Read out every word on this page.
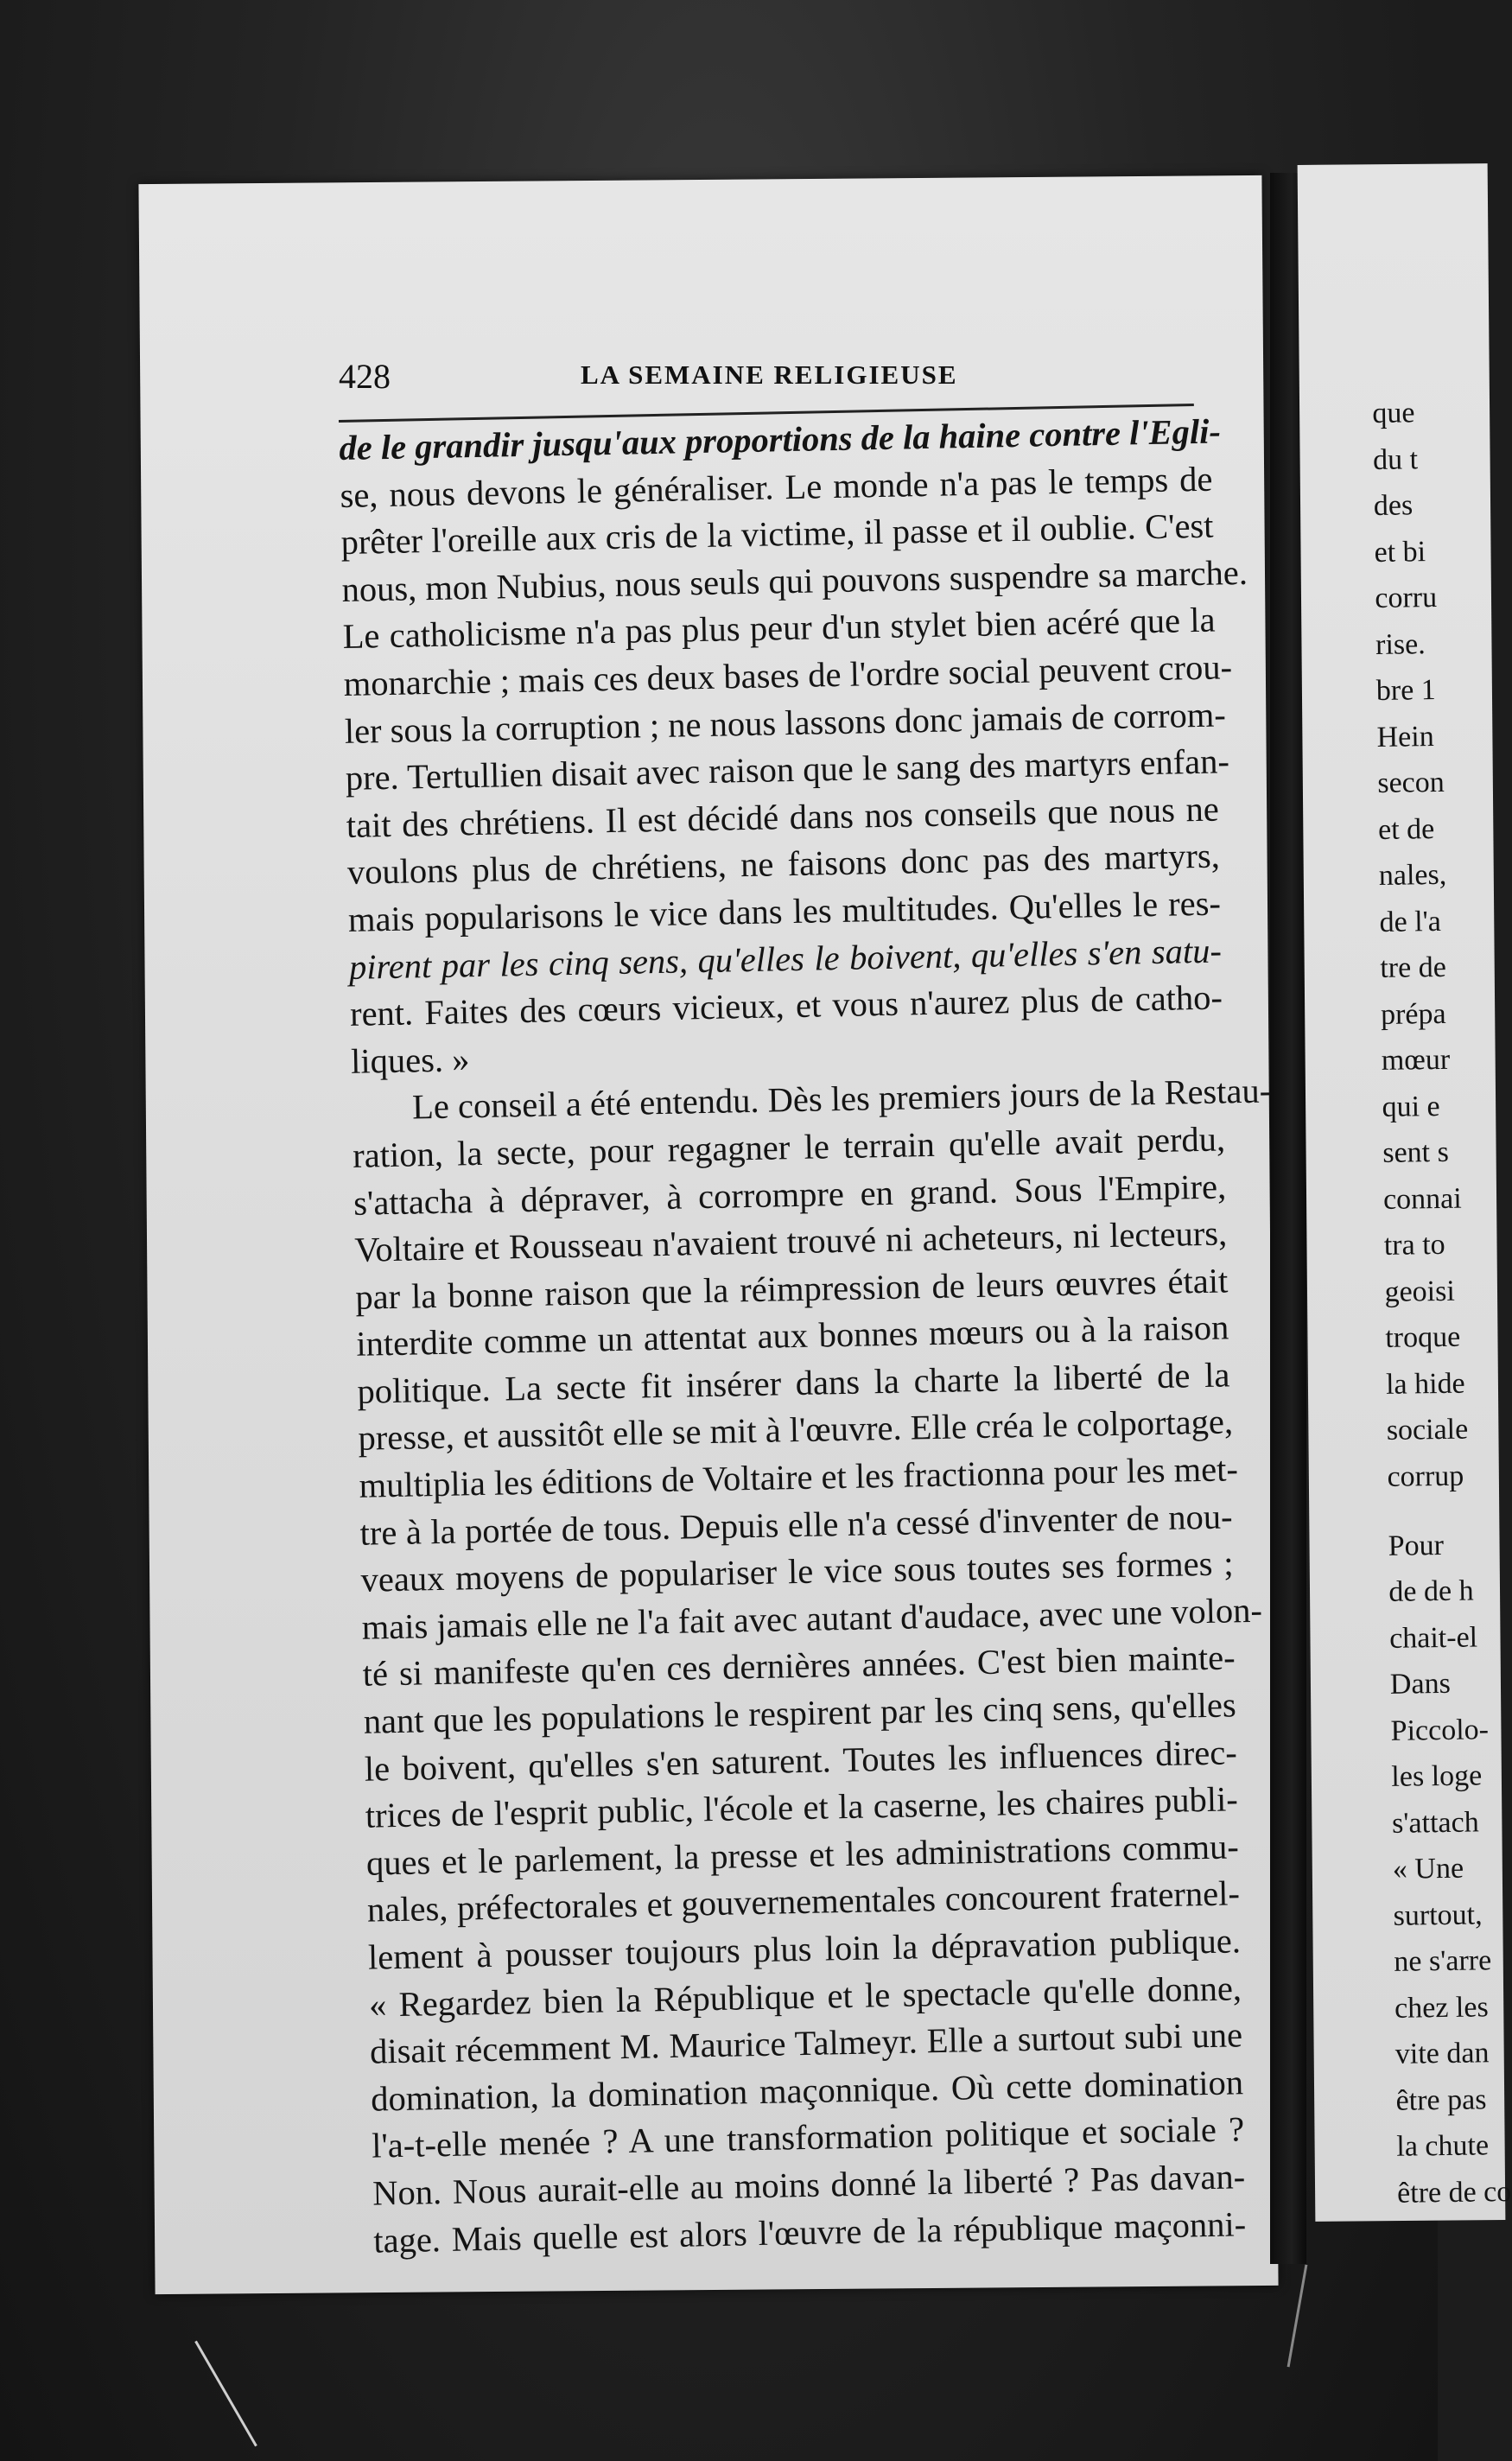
428	LA SEMAINE RELIGIEUSE
de le grandir jusqu'aux proportions de la haine contre l'Egli-
se, nous devons le généraliser. Le monde n'a pas le temps de
prêter l'oreille aux cris de la victime, il passe et il oublie. C'est
nous, mon Nubius, nous seuls qui pouvons suspendre sa marche.
Le catholicisme n'a pas plus peur d'un stylet bien acéré que la
monarchie ; mais ces deux bases de l'ordre social peuvent crou-
ler sous la corruption ; ne nous lassons donc jamais de corrom-
pre. Tertullien disait avec raison que le sang des martyrs enfan-
tait des chrétiens. Il est décidé dans nos conseils que nous ne
voulons plus de chrétiens, ne faisons donc pas des martyrs,
mais popularisons le vice dans les multitudes. Qu'elles le res-
pirent par les cinq sens, qu'elles le boivent, qu'elles s'en satu-
rent. Faites des cœurs vicieux, et vous n'aurez plus de catho-
liques. »
Le conseil a été entendu. Dès les premiers jours de la Restau-
ration, la secte, pour regagner le terrain qu'elle avait perdu,
s'attacha à dépraver, à corrompre en grand. Sous l'Empire,
Voltaire et Rousseau n'avaient trouvé ni acheteurs, ni lecteurs,
par la bonne raison que la réimpression de leurs œuvres était
interdite comme un attentat aux bonnes mœurs ou à la raison
politique. La secte fit insérer dans la charte la liberté de la
presse, et aussitôt elle se mit à l'œuvre. Elle créa le colportage,
multiplia les éditions de Voltaire et les fractionna pour les met-
tre à la portée de tous. Depuis elle n'a cessé d'inventer de nou-
veaux moyens de populariser le vice sous toutes ses formes ;
mais jamais elle ne l'a fait avec autant d'audace, avec une volon-
té si manifeste qu'en ces dernières années. C'est bien mainte-
nant que les populations le respirent par les cinq sens, qu'elles
le boivent, qu'elles s'en saturent. Toutes les influences direc-
trices de l'esprit public, l'école et la caserne, les chaires publi-
ques et le parlement, la presse et les administrations commu-
nales, préfectorales et gouvernementales concourent fraternel-
lement à pousser toujours plus loin la dépravation publique.
« Regardez bien la République et le spectacle qu'elle donne,
disait récemment M. Maurice Talmeyr. Elle a surtout subi une
domination, la domination maçonnique. Où cette domination
l'a-t-elle menée ? A une transformation politique et sociale ?
Non. Nous aurait-elle au moins donné la liberté ? Pas davan-
tage. Mais quelle est alors l'œuvre de la république maçonni-
que
du t
des
et bi
corru
rise.
bre 1
Hein
secon
et de
nales,
de l'a
tre de
prépa
mœur
qui e
sent s
connai
tra to
geoisi
troque
la hide
sociale
corrup
Pour
de de h
chait-el
Dans
Piccolo-
les loge
s'attach
« Une
surtout,
ne s'arre
chez les
vite dan
être pas
la chute
être de co
